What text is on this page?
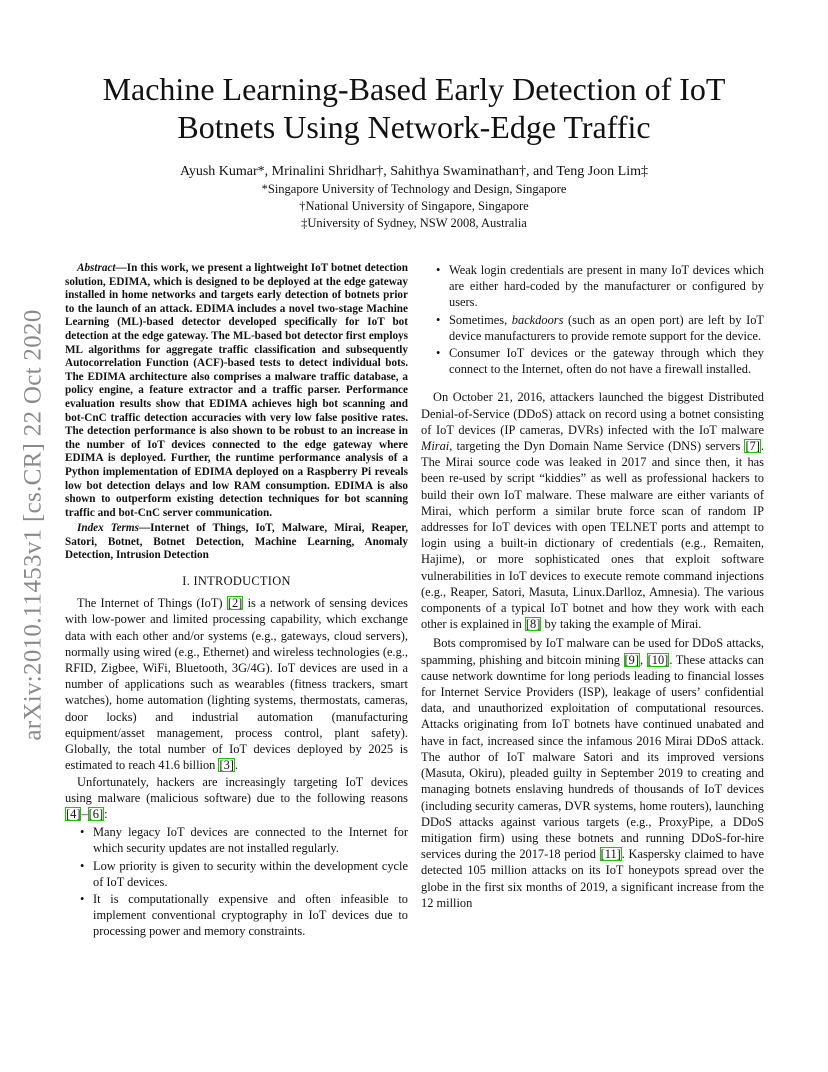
arXiv:2010.11453v1 [cs.CR] 22 Oct 2020
Machine Learning-Based Early Detection of IoT Botnets Using Network-Edge Traffic
Ayush Kumar*, Mrinalini Shridhar†, Sahithya Swaminathan†, and Teng Joon Lim‡
*Singapore University of Technology and Design, Singapore
†National University of Singapore, Singapore
‡University of Sydney, NSW 2008, Australia

Abstract—In this work, we present a lightweight IoT botnet detection solution, EDIMA, which is designed to be deployed at the edge gateway installed in home networks and targets early detection of botnets prior to the launch of an attack. EDIMA includes a novel two-stage Machine Learning (ML)-based detector developed specifically for IoT bot detection at the edge gateway. The ML-based bot detector first employs ML algorithms for aggregate traffic classification and subsequently Autocorrelation Function (ACF)-based tests to detect individual bots. The EDIMA architecture also comprises a malware traffic database, a policy engine, a feature extractor and a traffic parser. Performance evaluation results show that EDIMA achieves high bot scanning and bot-CnC traffic detection accuracies with very low false positive rates. The detection performance is also shown to be robust to an increase in the number of IoT devices connected to the edge gateway where EDIMA is deployed. Further, the runtime performance analysis of a Python implementation of EDIMA deployed on a Raspberry Pi reveals low bot detection delays and low RAM consumption. EDIMA is also shown to outperform existing detection techniques for bot scanning traffic and bot-CnC server communication.

Index Terms—Internet of Things, IoT, Malware, Mirai, Reaper, Satori, Botnet, Botnet Detection, Machine Learning, Anomaly Detection, Intrusion Detection

I. INTRODUCTION

The Internet of Things (IoT) [2] is a network of sensing devices with low-power and limited processing capability, which exchange data with each other and/or systems (e.g., gateways, cloud servers), normally using wired (e.g., Ethernet) and wireless technologies (e.g., RFID, Zigbee, WiFi, Bluetooth, 3G/4G). IoT devices are used in a number of applications such as wearables (fitness trackers, smart watches), home automation (lighting systems, thermostats, cameras, door locks) and industrial automation (manufacturing equipment/asset management, process control, plant safety). Globally, the total number of IoT devices deployed by 2025 is estimated to reach 41.6 billion [3].

Unfortunately, hackers are increasingly targeting IoT devices using malware (malicious software) due to the following reasons [4]–[6]:

• Many legacy IoT devices are connected to the Internet for which security updates are not installed regularly.
• Low priority is given to security within the development cycle of IoT devices.
• It is computationally expensive and often infeasible to implement conventional cryptography in IoT devices due to processing power and memory constraints.
• Weak login credentials are present in many IoT devices which are either hard-coded by the manufacturer or configured by users.
• Sometimes, backdoors (such as an open port) are left by IoT device manufacturers to provide remote support for the device.
• Consumer IoT devices or the gateway through which they connect to the Internet, often do not have a firewall installed.

On October 21, 2016, attackers launched the biggest Distributed Denial-of-Service (DDoS) attack on record using a botnet consisting of IoT devices (IP cameras, DVRs) infected with the IoT malware Mirai, targeting the Dyn Domain Name Service (DNS) servers [7]. The Mirai source code was leaked in 2017 and since then, it has been re-used by script “kiddies” as well as professional hackers to build their own IoT malware. These malware are either variants of Mirai, which perform a similar brute force scan of random IP addresses for IoT devices with open TELNET ports and attempt to login using a built-in dictionary of credentials (e.g., Remaiten, Hajime), or more sophisticated ones that exploit software vulnerabilities in IoT devices to execute remote command injections (e.g., Reaper, Satori, Masuta, Linux.Darlloz, Amnesia). The various components of a typical IoT botnet and how they work with each other is explained in [8] by taking the example of Mirai.

Bots compromised by IoT malware can be used for DDoS attacks, spamming, phishing and bitcoin mining [9], [10]. These attacks can cause network downtime for long periods leading to financial losses for Internet Service Providers (ISP), leakage of users’ confidential data, and unauthorized exploitation of computational resources. Attacks originating from IoT botnets have continued unabated and have in fact, increased since the infamous 2016 Mirai DDoS attack. The author of IoT malware Satori and its improved versions (Masuta, Okiru), pleaded guilty in September 2019 to creating and managing botnets enslaving hundreds of thousands of IoT devices (including security cameras, DVR systems, home routers), launching DDoS attacks against various targets (e.g., ProxyPipe, a DDoS mitigation firm) using these botnets and running DDoS-for-hire services during the 2017-18 period [11]. Kaspersky claimed to have detected 105 million attacks on its IoT honeypots spread over the globe in the first six months of 2019, a significant increase from the 12 million
